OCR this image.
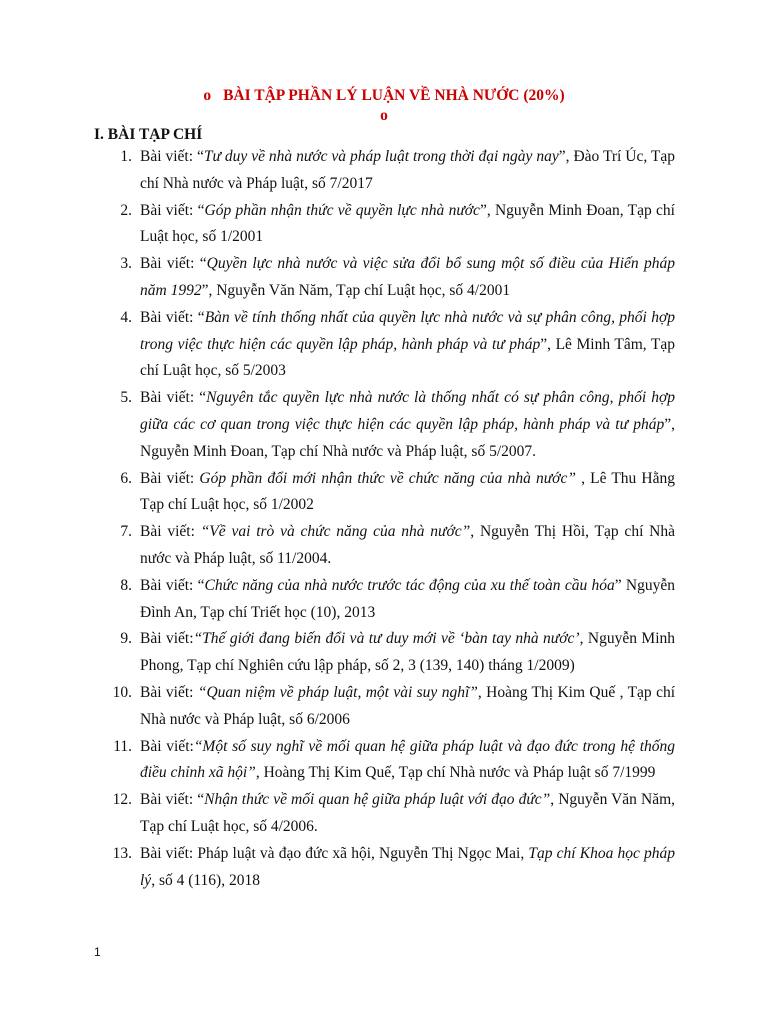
o BÀI TẬP PHẦN LÝ LUẬN VỀ NHÀ NƯỚC (20%)
o
I. BÀI TẠP CHÍ
1. Bài viết: “Tư duy về nhà nước và pháp luật trong thời đại ngày nay”, Đào Trí Úc, Tạp chí Nhà nước và Pháp luật, số 7/2017
2. Bài viết: “Góp phần nhận thức về quyền lực nhà nước”, Nguyễn Minh Đoan, Tạp chí Luật học, số 1/2001
3. Bài viết: “Quyền lực nhà nước và việc sửa đổi bổ sung một số điều của Hiến pháp năm 1992”, Nguyễn Văn Năm, Tạp chí Luật học, số 4/2001
4. Bài viết: “Bàn về tính thống nhất của quyền lực nhà nước và sự phân công, phối hợp trong việc thực hiện các quyền lập pháp, hành pháp và tư pháp”, Lê Minh Tâm, Tạp chí Luật học, số 5/2003
5. Bài viết: “Nguyên tắc quyền lực nhà nước là thống nhất có sự phân công, phối hợp giữa các cơ quan trong việc thực hiện các quyền lập pháp, hành pháp và tư pháp”, Nguyễn Minh Đoan, Tạp chí Nhà nước và Pháp luật, số 5/2007.
6. Bài viết: Góp phần đổi mới nhận thức về chức năng của nhà nước” , Lê Thu Hằng Tạp chí Luật học, số 1/2002
7. Bài viết: “Về vai trò và chức năng của nhà nước”, Nguyễn Thị Hồi, Tạp chí Nhà nước và Pháp luật, số 11/2004.
8. Bài viết: “Chức năng của nhà nước trước tác động của xu thế toàn cầu hóa” Nguyễn Đình An, Tạp chí Triết học (10), 2013
9. Bài viết:“Thế giới đang biến đổi và tư duy mới về ‘bàn tay nhà nước’, Nguyễn Minh Phong, Tạp chí Nghiên cứu lập pháp, số 2, 3 (139, 140) tháng 1/2009)
10. Bài viết: “Quan niệm về pháp luật, một vài suy nghĩ”, Hoàng Thị Kim Quế , Tạp chí Nhà nước và Pháp luật, số 6/2006
11. Bài viết:“Một số suy nghĩ về mối quan hệ giữa pháp luật và đạo đức trong hệ thống điều chỉnh xã hội”, Hoàng Thị Kim Quế, Tạp chí Nhà nước và Pháp luật số 7/1999
12. Bài viết: “Nhận thức về mối quan hệ giữa pháp luật với đạo đức”, Nguyễn Văn Năm, Tạp chí Luật học, số 4/2006.
13. Bài viết: Pháp luật và đạo đức xã hội, Nguyễn Thị Ngọc Mai, Tạp chí Khoa học pháp lý, số 4 (116), 2018
1
